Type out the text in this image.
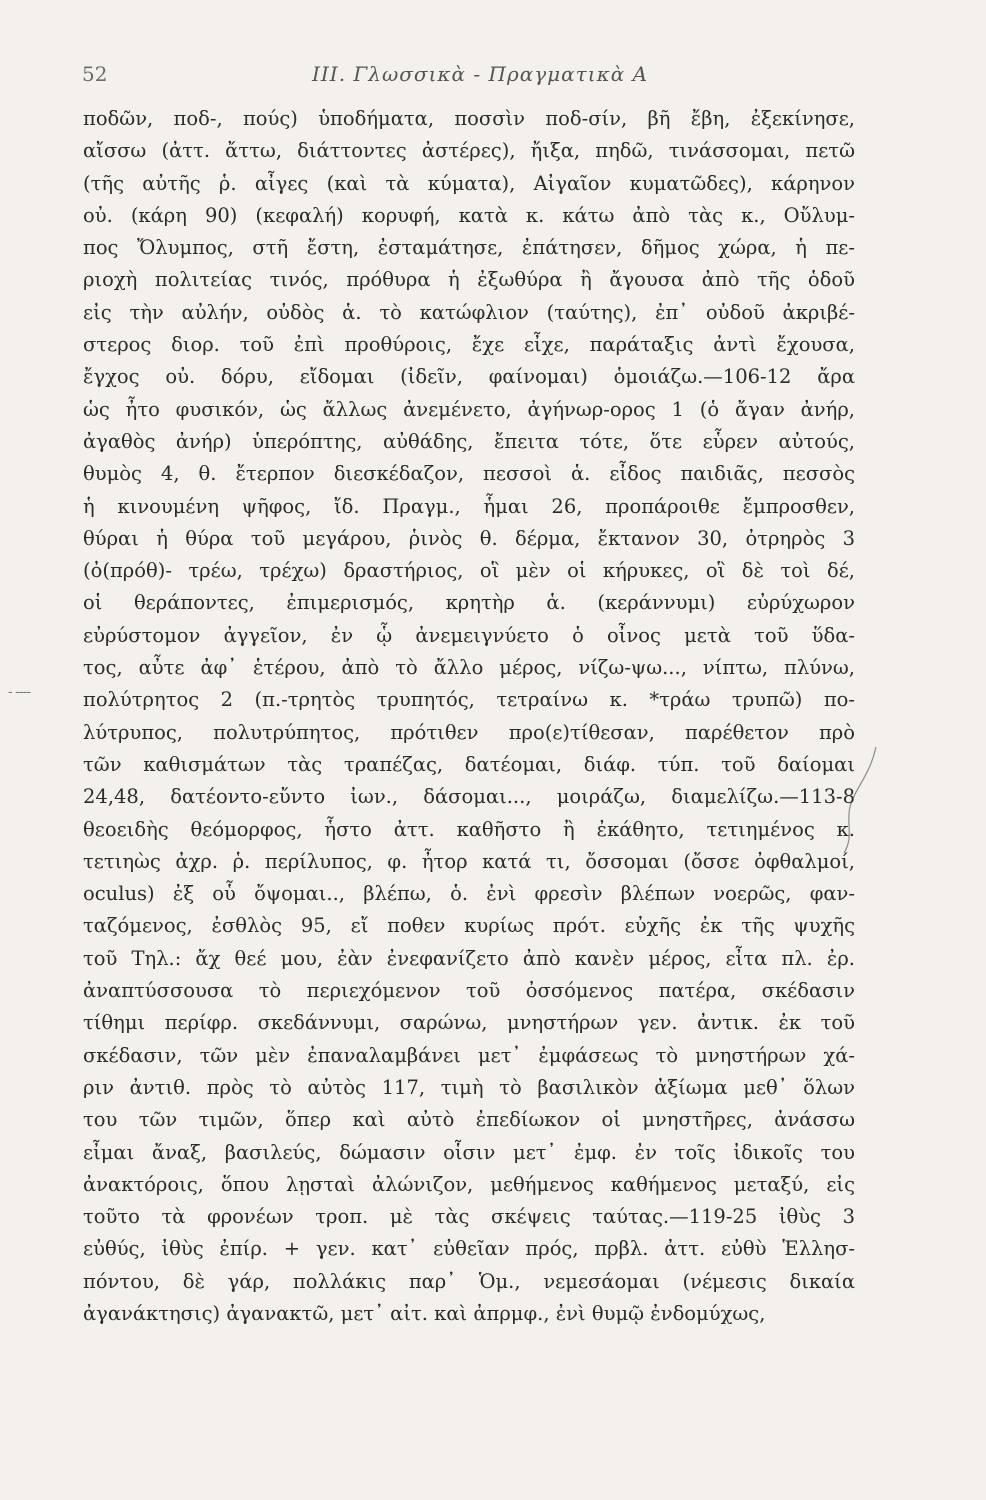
52	III. Γλωσσικὰ - Πραγματικὰ Α
- ----
ποδῶν, ποδ-, πούς) ὑποδήματα, ποσσὶν ποδ-σίν, βῆ ἔβη, ἐξεκίνησε,
αἴσσω (ἀττ. ἄττω, διάττοντες ἀστέρες), ἤιξα, πηδῶ, τινάσσομαι, πετῶ
(τῆς αὐτῆς ῥ. αἶγες (καὶ τὰ κύματα), Αἰγαῖον κυματῶδες), κάρηνον
οὐ. (κάρη 90) (κεφαλή) κορυφή, κατὰ κ. κάτω ἀπὸ τὰς κ., Οὔλυμ-
πος Ὄλυμπος, στῆ ἔστη, ἐσταμάτησε, ἐπάτησεν, δῆμος χώρα, ἡ πε-
ριοχὴ πολιτείας τινός, πρόθυρα ἡ ἐξωθύρα ἢ ἄγουσα ἀπὸ τῆς ὁδοῦ
εἰς τὴν αὐλήν, οὐδὸς ἁ. τὸ κατώφλιον (ταύτης), ἐπ᾽ οὐδοῦ ἀκριβέ-
στερος διορ. τοῦ ἐπὶ προθύροις, ἔχε εἶχε, παράταξις ἀντὶ ἔχουσα,
ἔγχος οὐ. δόρυ, εἴδομαι (ἰδεῖν, φαίνομαι) ὁμοιάζω.—106-12 ἄρα
ὡς ἦτο φυσικόν, ὡς ἄλλως ἀνεμένετο, ἀγήνωρ-ορος 1 (ὁ ἄγαν ἀνήρ,
ἀγαθὸς ἀνήρ) ὑπερόπτης, αὐθάδης, ἔπειτα τότε, ὅτε εὗρεν αὐτούς,
θυμὸς 4, θ. ἔτερπον διεσκέδαζον, πεσσοὶ ἁ. εἶδος παιδιᾶς, πεσσὸς
ἡ κινουμένη ψῆφος, ἴδ. Πραγμ., ἧμαι 26, προπάροιθε ἔμπροσθεν,
θύραι ἡ θύρα τοῦ μεγάρου, ῥινὸς θ. δέρμα, ἔκτανον 30, ὀτρηρὸς 3
(ὀ(πρόθ)- τρέω, τρέχω) δραστήριος, οἳ μὲν οἱ κήρυκες, οἳ δὲ τοὶ δέ,
οἱ θεράποντες, ἐπιμερισμός, κρητὴρ ἁ. (κεράννυμι) εὐρύχωρον
εὐρύστομον ἀγγεῖον, ἐν ᾧ ἀνεμειγνύετο ὁ οἶνος μετὰ τοῦ ὕδα-
τος, αὖτε ἀφ᾽ ἑτέρου, ἀπὸ τὸ ἄλλο μέρος, νίζω-ψω..., νίπτω, πλύνω,
πολύτρητος 2 (π.-τρητὸς τρυπητός, τετραίνω κ. *τράω τρυπῶ) πο-
λύτρυπος, πολυτρύπητος, πρότιθεν προ(ε)τίθεσαν, παρέθετον πρὸ
τῶν καθισμάτων τὰς τραπέζας, δατέομαι, διάφ. τύπ. τοῦ δαίομαι
24,48, δατέοντο-εὔντο ἰων., δάσομαι..., μοιράζω, διαμελίζω.—113-8
θεοειδὴς θεόμορφος, ἧστο ἀττ. καθῆστο ἢ ἐκάθητο, τετιημένος κ.
τετιηὼς ἀχρ. ῥ. περίλυπος, φ. ἦτορ κατά τι, ὄσσομαι (ὄσσε ὀφθαλμοί,
oculus) ἐξ οὗ ὄψομαι.., βλέπω, ὁ. ἐνὶ φρεσὶν βλέπων νοερῶς, φαν-
ταζόμενος, ἐσθλὸς 95, εἴ ποθεν κυρίως πρότ. εὐχῆς ἐκ τῆς ψυχῆς
τοῦ Τηλ.: ἄχ θεέ μου, ἐὰν ἐνεφανίζετο ἀπὸ κανὲν μέρος, εἶτα πλ. ἐρ.
ἀναπτύσσουσα τὸ περιεχόμενον τοῦ ὀσσόμενος πατέρα, σκέδασιν
τίθημι περίφρ. σκεδάννυμι, σαρώνω, μνηστήρων γεν. ἀντικ. ἐκ τοῦ
σκέδασιν, τῶν μὲν ἐπαναλαμβάνει μετ᾽ ἐμφάσεως τὸ μνηστήρων χά-
ριν ἀντιθ. πρὸς τὸ αὐτὸς 117, τιμὴ τὸ βασιλικὸν ἀξίωμα μεθ᾽ ὅλων
του τῶν τιμῶν, ὅπερ καὶ αὐτὸ ἐπεδίωκον οἱ μνηστῆρες, ἀνάσσω
εἶμαι ἄναξ, βασιλεύς, δώμασιν οἷσιν μετ᾽ ἐμφ. ἐν τοῖς ἰδικοῖς του
ἀνακτόροις, ὅπου λῃσταὶ ἀλώνιζον, μεθήμενος καθήμενος μεταξύ, εἰς
τοῦτο τὰ φρονέων τροπ. μὲ τὰς σκέψεις ταύτας.—119-25 ἰθὺς 3
εὐθύς, ἰθὺς ἐπίρ. + γεν. κατ᾽ εὐθεῖαν πρός, πρβλ. ἀττ. εὐθὺ Ἑλλησ-
πόντου, δὲ γάρ, πολλάκις παρ᾽ Ὁμ., νεμεσάομαι (νέμεσις δικαία
ἀγανάκτησις) ἀγανακτῶ, μετ᾽ αἰτ. καὶ ἀπρμφ., ἐνὶ θυμῷ ἐνδομύχως,
